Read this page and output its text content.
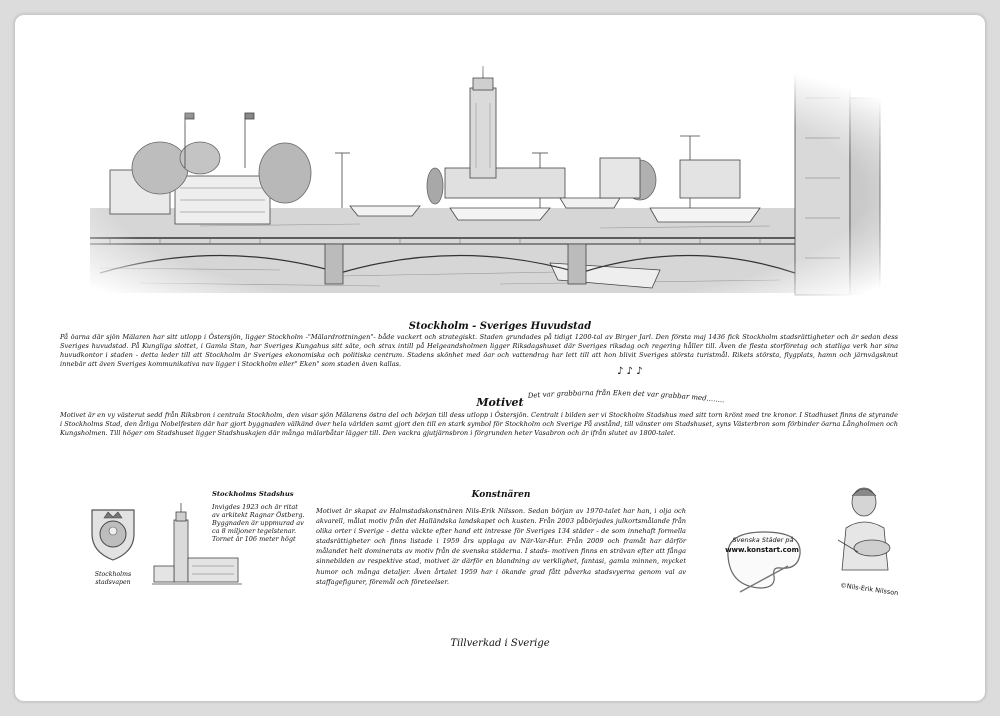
Stockholm - Sveriges Huvudstad

På öarna där sjön Mälaren har sitt utlopp i Östersjön, ligger Stockholm -"Mälardrottningen"- både vackert och strategiskt. Staden grundades på tidigt 1200-tal av Birger Jarl. Den första maj 1436 fick Stockholm stadsrättigheter och är sedan dess Sveriges huvudstad. På Kungliga slottet, i Gamla Stan, har Sveriges Kungahus sitt säte, och strax intill på Helgeandsholmen ligger Riksdagshuset där Sveriges riksdag och regering håller till. Även de flesta storföretag och statliga verk har sina huvudkontor i staden - detta leder till att Stockholm är Sveriges ekonomiska och politiska centrum. Stadens skönhet med öar och vattendrag har lett till att hon blivit Sveriges största turistmål. Rikets största, flygplats, hamn och järnvägsknut innebär att även Sveriges kommunikativa nav ligger i Stockholm eller" Eken" som staden även kallas.

Det var grabbarna från Eken det var grabbar med........
♪ ♪ ♪
Motivet

Motivet är en vy västerut sedd från Riksbron i centrala Stockholm, den visar sjön Mälarens östra del och början till dess utlopp i Östersjön. Centralt i bilden ser vi Stockholm Stadshus med sitt torn krönt med tre kronor. I Stadhuset finns de styrande i Stockholms Stad, den årliga Nobelfesten där har gjort byggnaden välkänd över hela världen samt gjort den till en stark symbol för Stockholm och Sverige På avstånd, till vänster om Stadshuset, syns Västerbron som förbinder öarna Långholmen och Kungsholmen. Till höger om Stadshuset ligger Stadshuskajen där många mälarbåtar lägger till. Den vackra gjutjärnsbron i förgrunden heter Vasabron och är ifrån slutet av 1800-talet.

Stockholms
stadsvapen
Stockholms Stadshus
Invigdes 1923 och är ritat
av arkitekt Ragnar Östberg.
Byggnaden är uppmurad av
ca 8 miljoner tegelstenar.
Tornet är 106 meter högt
Konstnären

Motivet är skapat av Halmstadskonstnären Nils-Erik Nilsson. Sedan början av 1970-talet har han, i olja och akvarell, målat motiv från det Halländska landskapet och kusten. Från 2003 påbörjades julkortsmålande från olika orter i Sverige - detta väckte efter hand ett intresse för Sveriges 134 städer - de som innehaft formella stadsrättigheter och finns listade i 1959 års upplaga av När-Var-Hur. Från 2009 och framåt har därför målandet helt dominerats av motiv från de svenska städerna. I stads- motiven finns en strävan efter att fånga sinnebilden av respektive stad, motivet är därför en blandning av verklighet, fantasi, gamla minnen, mycket humor och många detaljer. Även årtalet 1959 har i ökande grad fått påverka stadsvyerna genom val av staffagefigurer, föremål och företeelser.

Svenska Städer på
www.konstart.com
©Nils-Erik Nilsson
Tillverkad i Sverige
